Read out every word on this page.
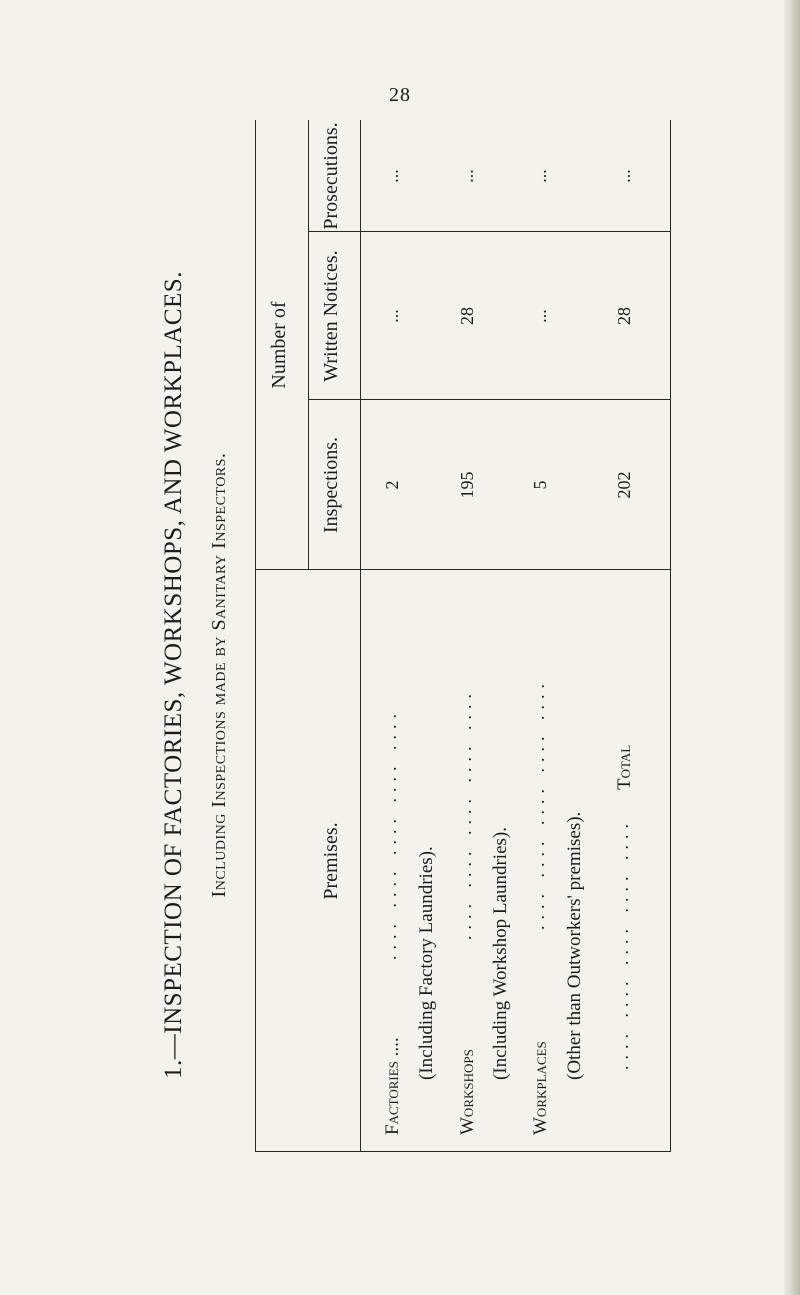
28
1.—INSPECTION OF FACTORIES, WORKSHOPS, AND WORKPLACES. Including Inspections made by Sanitary Inspectors.	Premises.
Number of
Inspections.
Written Notices.
Prosecutions.
Factories ....
.... .... .... .... ....
(Including Factory Laundries).
2
...
...
Workshops
.... .... .... .... ....
(Including Workshop Laundries).
195
28
...
Workplaces
.... .... .... .... ....
(Other than Outworkers' premises).
5
...
...
Total
.... .... .... .... ....
202
28
...
